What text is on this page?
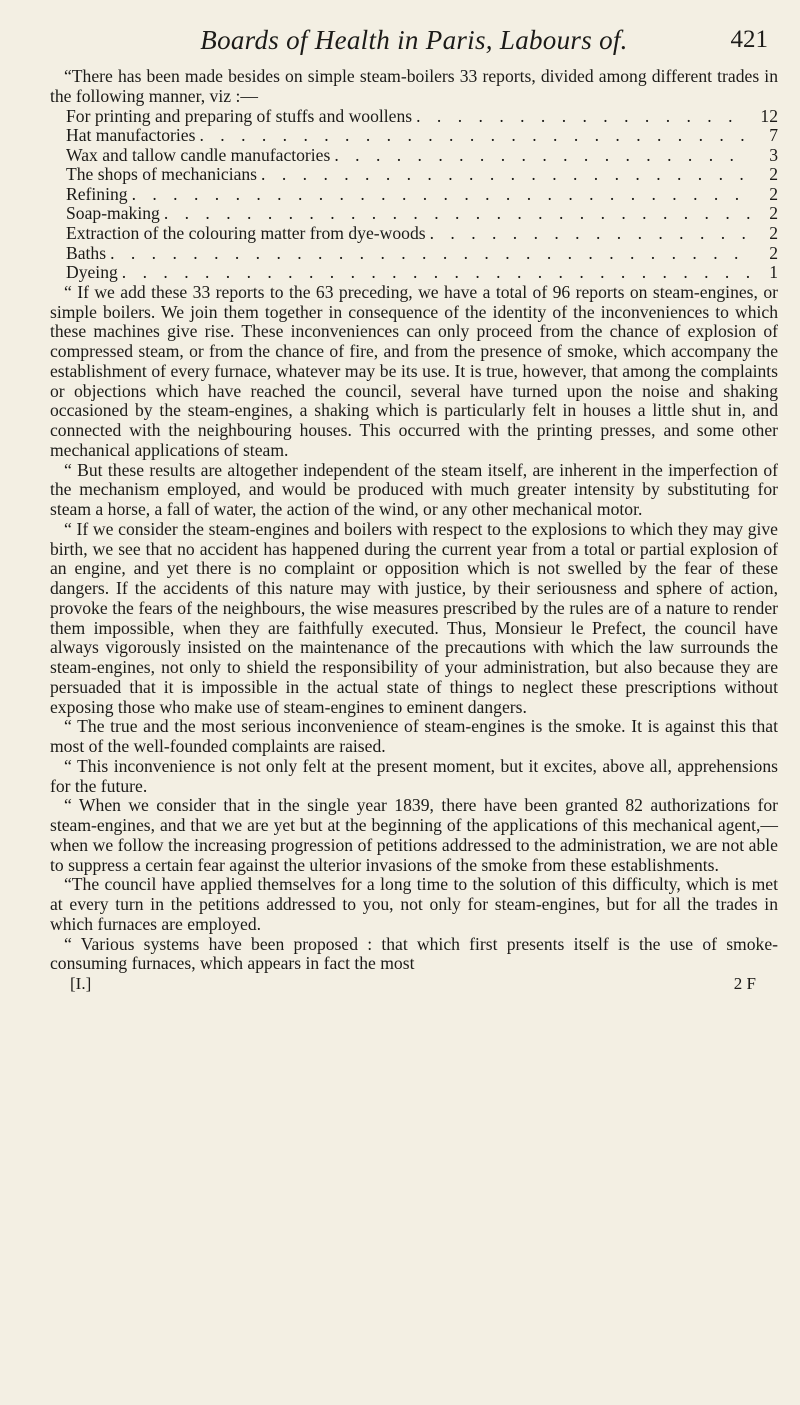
Boards of Health in Paris, Labours of.	421

“There has been made besides on simple steam-boilers 33 reports, divided among different trades in the following manner, viz :—

For printing and preparing of stuffs and woollens . . .	12
Hat manufactories . . .	7
Wax and tallow candle manufactories . . .	3
The shops of mechanicians . . .	2
Refining . . .	2
Soap-making . . .	2
Extraction of the colouring matter from dye-woods . . .	2
Baths . . .	2
Dyeing . . .	1

“ If we add these 33 reports to the 63 preceding, we have a total of 96 reports on steam-engines, or simple boilers. We join them together in consequence of the identity of the inconveniences to which these machines give rise. These inconveniences can only proceed from the chance of explosion of compressed steam, or from the chance of fire, and from the presence of smoke, which accompany the establishment of every furnace, whatever may be its use. It is true, however, that among the complaints or objections which have reached the council, several have turned upon the noise and shaking occasioned by the steam-engines, a shaking which is particularly felt in houses a little shut in, and connected with the neighbouring houses. This occurred with the printing presses, and some other mechanical applications of steam.

“ But these results are altogether independent of the steam itself, are inherent in the imperfection of the mechanism employed, and would be produced with much greater intensity by substituting for steam a horse, a fall of water, the action of the wind, or any other mechanical motor.

“ If we consider the steam-engines and boilers with respect to the explosions to which they may give birth, we see that no accident has happened during the current year from a total or partial explosion of an engine, and yet there is no complaint or opposition which is not swelled by the fear of these dangers. If the accidents of this nature may with justice, by their seriousness and sphere of action, provoke the fears of the neighbours, the wise measures prescribed by the rules are of a nature to render them impossible, when they are faithfully executed. Thus, Monsieur le Prefect, the council have always vigorously insisted on the maintenance of the precautions with which the law surrounds the steam-engines, not only to shield the responsibility of your administration, but also because they are persuaded that it is impossible in the actual state of things to neglect these prescriptions without exposing those who make use of steam-engines to eminent dangers.

“ The true and the most serious inconvenience of steam-engines is the smoke. It is against this that most of the well-founded complaints are raised.

“ This inconvenience is not only felt at the present moment, but it excites, above all, apprehensions for the future.

“ When we consider that in the single year 1839, there have been granted 82 authorizations for steam-engines, and that we are yet but at the beginning of the applications of this mechanical agent,—when we follow the increasing progression of petitions addressed to the administration, we are not able to suppress a certain fear against the ulterior invasions of the smoke from these establishments.

“The council have applied themselves for a long time to the solution of this difficulty, which is met at every turn in the petitions addressed to you, not only for steam-engines, but for all the trades in which furnaces are employed.

“ Various systems have been proposed : that which first presents itself is the use of smoke-consuming furnaces, which appears in fact the most

[I.]	2 F
